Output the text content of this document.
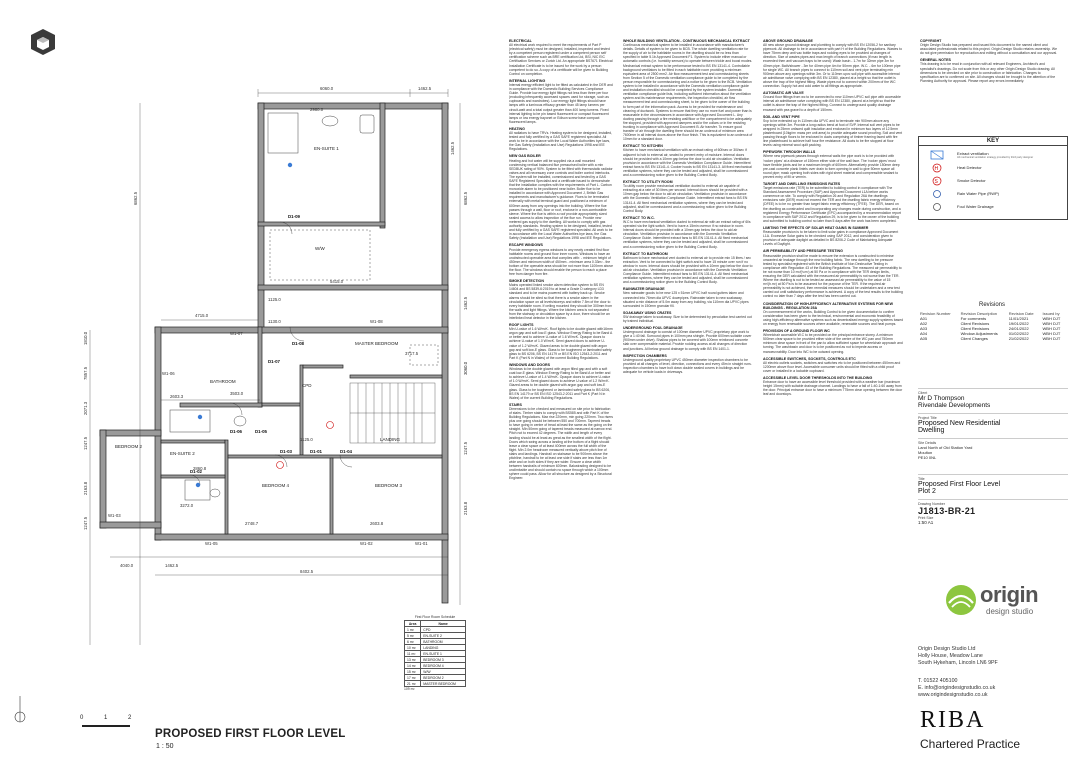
6060.0	1462.5
2980.0
5415.0
1125.0
4715.0
1130.0
3717.5
2603.3
3272.0
1125.0
2748.7	2603.8
2860.8
3503.0
4040.0	1462.5
8402.5
6862.5
7857.5
1810.0
2071.3
1247.5
2163.8
1247.5
6862.5
1462.5
3060.0
1247.5
2163.8
1462.5
EN-SUITE 1
W/W
MASTER BEDROOM
BATHROOM
BEDROOM 2
EN-SUITE 2
CPD
LANDING
BEDROOM 4	BEDROOM 3
D1-09
D1-08
D1-07
D1-06	D1-05
D1-04
D1-03
D1-02
D1-01
W1-08
W1-07
W1-06
W1-05
W1-03
W1-02	W1-01
First Floor Room Schedule
Area	Name
1 m²	CPD
5 m²	EN-SUITE 2
6 m²	BATHROOM
10 m²	LANDING
11 m²	EN-SUITE 1
13 m²	BEDROOM 3
14 m²	BEDROOM 4
15 m²	W/W
17 m²	BEDROOM 2
21 m²	MASTER BEDROOM
109 m²
0	1	2
PROPOSED FIRST FLOOR LEVEL
1 : 50
ELECTRICAL

All electrical work required to meet the requirements of Part P (electrical safety) must be designed, installed, inspected and tested by a competent person registered under a competent person self certification scheme such as BRE certification Ltd, BSI, NIC EIC Certification Services or Zurich Ltd. An appropriate BS7671 Electrical Installation Certificate is to be issued for the work by a person competent to do so. A copy of a certificate will be given to Building Control on completion.

INTERNAL LIGHTING

Internal energy efficient light to be fitted as calculated in the DER and in compliance with the Domestic Building Services Compliance Guide. Provide low energy light fittings not less than three per four (excluding infrequently accessed spaces used for storage, such as cupboards and wardrobes). Low energy light fittings should have lamps with a luminous efficacy greater than 45 lamp lumens per circuit-watt and a total output greater than 400 lamp lumens. Fixed internal lighting to be pin based fluorescent or compact fluorescent lamps or low energy bayonet or Edison screw base compact fluorescent lamps.

HEATING

All radiators to have TRVs. Heating system to be designed, installed, tested and fully certified by a GAS SAFE registered specialist. All work to be in accordance with the Local Water Authorities bye laws, the Gas Safety (Installation and Use) Regulations 1998 and IEE Regulations.

NEW GAS BOILER

Heating and hot water will be supplied via a wall mounted condensing vertical balanced flue pressurised boiler with a min SEDBUK rating of 90%. System to be fitted with thermostatic radiator valves and all necessary zone controls and boiler control interlocks. The system will be installed, commissioned and tested by a GAS SAFE Registered Specialist and a certificate issued to demonstrate that the installation complies with the requirements of Part L. Carbon monoxide alarm to be positioned near boiler. Boiler flue to be installed in accordance with Approved Document J, British Gas requirements and manufacturer's guidance. Flues to be terminated externally with metal terminal guard and positioned a minimum of 600mm away from any openings into the building. Where the flue passes through a wall, floor or roof, enclose in a non-combustible sleeve. Where the flue is within a roof provide appropriately sized sealed access to allow inspection of the flue run. Provide new metered gas supply to the dwelling. All works to comply with gas authority standards. Heating system to be designed, installed, tested and fully certified by a GAS SAFE registered specialist. All work to be in accordance with the Local Water Authorities bye laws, the Gas Safety (Installation and Use) Regulations 1998 and IEE Regulations.

ESCAPE WINDOWS

Provide emergency egress windows to any newly created first floor habitable rooms and ground floor inner rooms. Windows to have an unobstructed openable area that complies with: - minimum height of 450mm and minimum width of 450mm - minimum area 0.33m² - the bottom of the openable area should be not more than 1100mm above the floor. The windows should enable the person to reach a place free from danger from fire.

SMOKE DETECTION

Mains operated linked smoke alarm detection system to BS EN 14604 and BS 5839-6:2019 to at least a Grade D category LD3 standard and to be mains powered with battery back up. Smoke alarms should be sited so that there is a smoke alarm in the circulation space on all levels/storeys and within 7.5m of the door to every habitable room. If ceiling mounted they should be 300mm from the walls and light fittings. Where the kitchen area is not separated from the stairway or circulation space by a door, there should be an interlinked heat detector in the kitchen.

ROOF LIGHTS

Min U-value of 1.6 W/m²K. Roof lights to be double glazed with16mm argon gap and soft low-E glass. Window Energy Rating to be Band A or better and to achieve U-value of 1.6 W/m²K. Opaque doors to achieve U-value of 1.0 W/m²K. Semi glazed doors to achieve U-value of 1.2 W/m²K. Glazed areas to be double glazed with argon gap and soft low-E glass. Glass to be toughened or laminated safety glass to BS 6206, BS EN 14179 or BS EN ISO 12543-2:2011 and Part K (Part N in Wales) of the current Building Regulations.

WINDOWS AND DOORS

Windows to be double glazed with argon filled gap and with a soft coat low-E glass. Window Energy Rating to be Band A or better and to achieve U-value of 1.4 W/m²K. Opaque doors to achieve U-value of 1.0 W/m²K. Semi glazed doors to achieve U-value of 1.2 W/m²K. Glazed areas to be double glazed with argon gap and soft low-E glass. Glass to be toughened or laminated safety glass to BS 6206, BS EN 14179 or BS EN ISO 12543-2:2011 and Part K (Part N in Wales) of the current Building Regulations.

STAIRS

Dimensions to be checked and measured on site prior to fabrication of stairs. Timber stairs to comply with BS585 and with Part K of the Building Regulations. Max rise 220mm, min going 220mm. Two risers plus one going should be between 550 and 700mm. Tapered treads to have going in centre of tread at least the same as the going on the straight. Min 50mm going of tapered treads measured at narrow end. Pitch not to exceed 42 degrees. The width and length of every landing should be at least as great as the smallest width of the flight. Doors which swing across a landing at the bottom of a flight should leave a clear space of at least 400mm across the full width of the flight. Min 2.0m headroom measured vertically above pitch line of stairs and landings. Handrail on staircase to be 900mm above the pitchline, handrail to be at least one side if stairs are less than 1m wide and on both sides if they are wider. Ensure a clear width between handrails of minimum 600mm. Balustrading designed to be unclimbable and should contain no space through which a 100mm sphere could pass. Allow for all structure as designed by a Structural Engineer.

WHOLE BUILDING VENTILATION - CONTINUOUS MECHANICAL EXTRACT

Continuous mechanical system to be installed in accordance with manufacturer's details. Details of system to be given to BCB. The whole dwelling ventilation rate for the supply of air to the habitable rooms in the dwelling should be no less than specified in table 5.1b Approved Document F1. System to include either manual or automatic controls (i.e. humidity sensors) to operate between trickle and boost modes. Mechanical extract system to be performance tested to BS EN 13141-4. Controllable background ventilators to be fitted in each habitable room providing a minimum equivalent area of 2500 mm2. Air flow measurement test and commissioning sheets from Section 5 of the Domestic ventilation compliance guide to be completed by the person responsible for commissioning and a notice to be given to the BCB. Ventilation system to be installed in accordance with the Domestic ventilation compliance guide and installation checklist should be completed by the system installer. Domestic ventilation compliance guide lists, including sufficient information about the ventilation system and its maintenance requirements, the inspection checklist, air flow measurement test and commissioning sheet, to be given to the owner of the building to form part of the information pack. Access to be provided for maintenance and cleaning of ductwork. Systems to ensure that they use no more fuel and power than is reasonable in the circumstances in accordance with Approved Document L. Any ducting passing through a fire resisting wall/floor or fire compartment to be adequately fire stopped, provided with approved dampers and/or fire collars or in fire resisting trunking in compliance with Approved Document B. Air transfer. To ensure good transfer of air through the dwelling there should be an undercut of minimum area 7600mm in all internal doors above the floor finish. This is equivalent to an undercut of 10mm for a standard door.

EXTRACT TO KITCHEN

Kitchen to have mechanical ventilation with an extract rating of 60l/sec or 30l/sec if adjacent to hob to external air, sealed to prevent entry of moisture. Internal doors should be provided with a 10mm gap below the door to aid air circulation. Ventilation provision in accordance with the Domestic Ventilation Compliance Guide. Intermittent extract fans to BS EN 13141-4. Cooker hoods to BS EN 13141-3. All fixed mechanical ventilation systems, where they can be tested and adjusted, shall be commissioned and a commissioning notice given to the Building Control Body.

EXTRACT TO UTILITY ROOM

To utility room provide mechanical ventilation ducted to external air capable of extracting at a rate of 30 litres per second. Internal doors should be provided with a 10mm gap below the door to aid air circulation. Ventilation provision in accordance with the Domestic Ventilation Compliance Guide. Intermittent extract fans to BS EN 13141-4. All fixed mechanical ventilation systems, where they can be tested and adjusted, shall be commissioned and a commissioning notice given to the Building Control Body.

EXTRACT TO W.C.

W.C to have mechanical ventilation ducted to external air with an extract rating of 6l/s operated via the light switch. Vent to have a 15min overrun if no window in room. Internal doors should be provided with a 10mm gap below the door to aid air circulation. Ventilation provision in accordance with the Domestic Ventilation Compliance Guide. Intermittent extract fans to BS EN 13141-4. All fixed mechanical ventilation systems, where they can be tested and adjusted, shall be commissioned and a commissioning notice given to the Building Control Body.

EXTRACT TO BATHROOM

Bathroom to have mechanical vent ducted to external air to provide min 15 litres / sec extraction. Vent to be connected to light switch and to have 15 minute over run if no window in room. Internal doors should be provided with a 10mm gap below the door to aid air circulation. Ventilation provision in accordance with the Domestic Ventilation Compliance Guide. Intermittent extract fans to BS EN 13141-4. All fixed mechanical ventilation systems, where they can be tested and adjusted, shall be commissioned and a commissioning notice given to the Building Control Body.

RAINWATER DRAINAGE

New rainwater goods to be new 125 x 51mm UPVC half round gutters taken and connected into 76mm dia UPVC downpipes. Rainwater taken to new soakaway, situated a min distance of 5.0m away from any building, via 110mm dia UPVC pipes surrounded in 150mm granular fill.

SOAKAWAY USING CRATES

SW drainage taken to soakaway. Size to be determined by percolation test carried out by trained individual.

UNDERGROUND FOUL DRAINAGE

Underground drainage to consist of 100mm diameter UPVC proprietary pipe work to give a 1:40 fall. Surround pipes in 100mm pea shingle. Provide 600mm suitable cover (900mm under drive). Shallow pipes to be covered with 100mm reinforced concrete slab over compressible material. Provide rodding access at all changes of direction and junctions. All below ground drainage to comply with BS EN 1401-1.

INSPECTION CHAMBERS

Underground quality proprietary UPVC 450mm diameter inspection chambers to be provided at all changes of level, direction, connections and every 45m in straight runs. Inspection chambers to have bolt down double sealed covers in buildings and be adequate for vehicle loads in driveways.

ABOVE GROUND DRAINAGE

All new above ground drainage and plumbing to comply with BS EN 12056-2 for sanitary pipework. All drainage to be in accordance with part H of the Building Regulations. Wastes to have 75mm deep anti vac bottle traps and rodding eyes to be provided at changes of direction. Size of wastes pipes and max length of branch connections (if max length is exceeded then anti vacuum traps to be used): Wash basin - 1.7m for 32mm pipe 3m for 40mm pipe. Bath/shower - 3m for 40mm pipe 4m for 50mm pipe. W.C. - 6m for 100mm pipe for single WC. All branch pipes to connect to 110mm soil and vent pipe terminating min 900mm above any openings within 3m. Or to 110mm upvc soil pipe with accessible internal air admittance valve complying with BS EN 12380, placed at a height so that the outlet is above the trap of the highest fitting. Waste pipes not to connect within 200mm of the WC connection. Supply hot and cold water to all fittings as appropriate.

AUTOMATIC AIR VALVE

Ground floor fittings from wc to be connected to new 110mm UPVC soil pipe with accessible internal air admittance valve complying with BS EN 12380, placed at a height so that the outlet is above the trap of the highest fitting. Connect to underground quality drainage encased with pea gravel to a depth of 150mm.

SOIL AND VENT PIPE

Svp to be extended up in 110mm dia UPVC and to terminate min 900mm above any openings within 3m. Provide a long radius bend at foot of SVP. Internal soil vent pipes to be wrapped in 25mm unfaced quilt insulation and enclosed in minimum two layers of 12.5mm plasterboard (10kg/m² mass per unit area) to provide adequate sound proofing. Soil and vent passing through floors to be enclosed in ducts comprising of timber framing faced with fire line plasterboard to achieve half hour fire resistance. All ducts to be fire stopped at floor levels using mineral wool quilt packing.

PIPEWORK THROUGH WALLS

Where new pipework passes through external walls the pipe work is to be provided with 'rocker pipes' at a distance of 150mm either side of the wall face. The 'rocker pipes' must have flexible joints and be a maximum length of 600mm. Alternatively provide 150mm deep pre-cast concrete plank lintels over drain to form opening in wall to give 50mm space all round pipe; mask opening both sides with rigid sheet material and compressible sealant to prevent entry of fill or vermin.

TARGET AND DWELLING EMISSIONS RATES

Target emissions rate (TER) to be submitted to building control in compliance with The Standard Assessment Procedure (SAP) and Approved Document L1A before works commence on site. To comply with Regulation 26 and Regulation 26A the dwellings emissions rate (DER) must not exceed the TER and the dwelling fabric energy efficiency (DFEE) is to be no greater than target fabric energy efficiency (TFEE). The DER, based on the dwelling as constructed and incorporating any changes made during construction, and a registered Energy Performance Certificate (EPC) accompanied by a recommendation report in compliance with SAP 2012 and Regulation 29, is to be given to the owner of the building and submitted to building control no later than 5 days after the work has been completed.

LIMITING THE EFFECTS OF SOLAR HEAT GAINS IN SUMMER

Reasonable provision is to be taken to limit solar gains in compliance Approved Document L1A. Excessive Solar gains to be checked using SAP 2012, and consideration given to provision of adequate daylight as detailed in BS 8206-2 Code of Maintaining Adequate Levels of Daylight.

AIR PERMEABILITY AND PRESSURE TESTING

Reasonable provision shall be made to ensure the extension is constructed to minimise unwanted air leakage through the new building fabric. The new dwelling to be pressure tested by specialist registered with the British Institute of Non Destructive Testing in compliance with Regulation 43 of the Building Regulations. The measured air permeability to be not worse than 10 m³/(h.m²) at 50 Pa or in compliance with the TER design limits, ensuring the DER calculated with the measured air permeability is not worse than the TER. Where the dwelling is not to be tested an assessed air permeability to the value of 15 m³/(h.m²) at 50 Pa is to be assumed for the purpose of the TER. If the required air permeability is not achieved, then remedial measures should be undertaken and a new test carried out until satisfactory performance is achieved. A copy of the test results to the building control no later than 7 days after the test has been carried out.

CONSIDERATION OF HIGH-EFFICIENCY ALTERNATIVE SYSTEMS FOR NEW BUILDINGS - REGULATION 25A

On commencement of the works, Building Control to be given documentation to confirm consideration has been given to the technical, environmental and economic feasibility of using high-efficiency alternative systems such as decentralised energy supply systems based on energy from renewable sources where available, renewable sources and heat pumps.

PROVISION OF A GROUND FLOOR WC

Wheelchair accessible W.C to be provided on the principal entrance storey. A minimum 500mm clear space to be provided either side of the centre of the WC pan and 750mm minimum clear space in front of the pan to allow sufficient space for wheelchair approach and turning. The washbasin and door is to be positioned as not to impede access or manoeuvrability. Door into WC to be outward opening.

ACCESSIBLE SWITCHES, SOCKETS, CONTROLS ETC

All electric outlets sockets, switches and switches etc to be positioned between 450mm and 1200mm above floor level. Accessible consumer units should be fitted with a child proof cover or installed in a lockable cupboard.

ACCESSIBLE LEVEL DOOR THRESHOLDS INTO THE BUILDING

Entrance door to have an accessible level threshold provided with a weather bar (maximum height 15mm) with suitable drainage channel. Landings to have a fall of 1:40-1:60 away from the door. Principal entrance door to have a minimum 775mm clear opening between the door leaf and doorstops.

COPYRIGHT

Origin Design Studio has prepared and issued this document to the named client and associated professionals related to this project. Origin Design Studio retains ownership. We do not give permission for reproduction and editing without a consultation and our approval.

GENERAL NOTES

This drawing is to be read in conjunction with all relevant Engineers, Architect's and specialist's drawings. Do not scale from this or any other Origin Design Studio drawing. All dimensions to be checked on site prior to construction or fabrication. Changes to specification are to confirmed on site. All changes should be brought to the attention of the Planning Authority for approval. Please report any errors immediately.

KEY
Extract ventilation
All mechanical ventilation strategy provided by third party designer
H	Heat Detector
S	Smoke Detector
Rain Water Pipe (RWP)
Foul Water Drainage
Revisions
Revision Number	Revision Description	Revision Date	Issued by
A01	For comments	11/01/2021	WBH DJT
A02	Client Revisions	19/01/2022	WBH DJT
A03	Client Revisions	24/01/2022	WBH DJT
A04	Window Adjustments	01/02/2022	WBH DJT
A05	Client Changes	21/02/2022	WBH DJT
Client
Mr D Thompson
Rivendale Developments
Project Title
Proposed New Residential Dwelling
Site Details
Land North of Old Station Yard
Moulton
PE10 0NL
Title
Proposed First Floor Level
Plot 2
Drawing Number
J1813-BR-21
Print Size
1:50 A1
origin
design studio
Origin Design Studio Ltd
Holly House, Meadow Lane
South Hykeham, Lincoln LN6 9PF
T. 01522 405100
E. info@origindesignstudio.co.uk
www.origindesignstudio.co.uk
RIBA
Chartered Practice
